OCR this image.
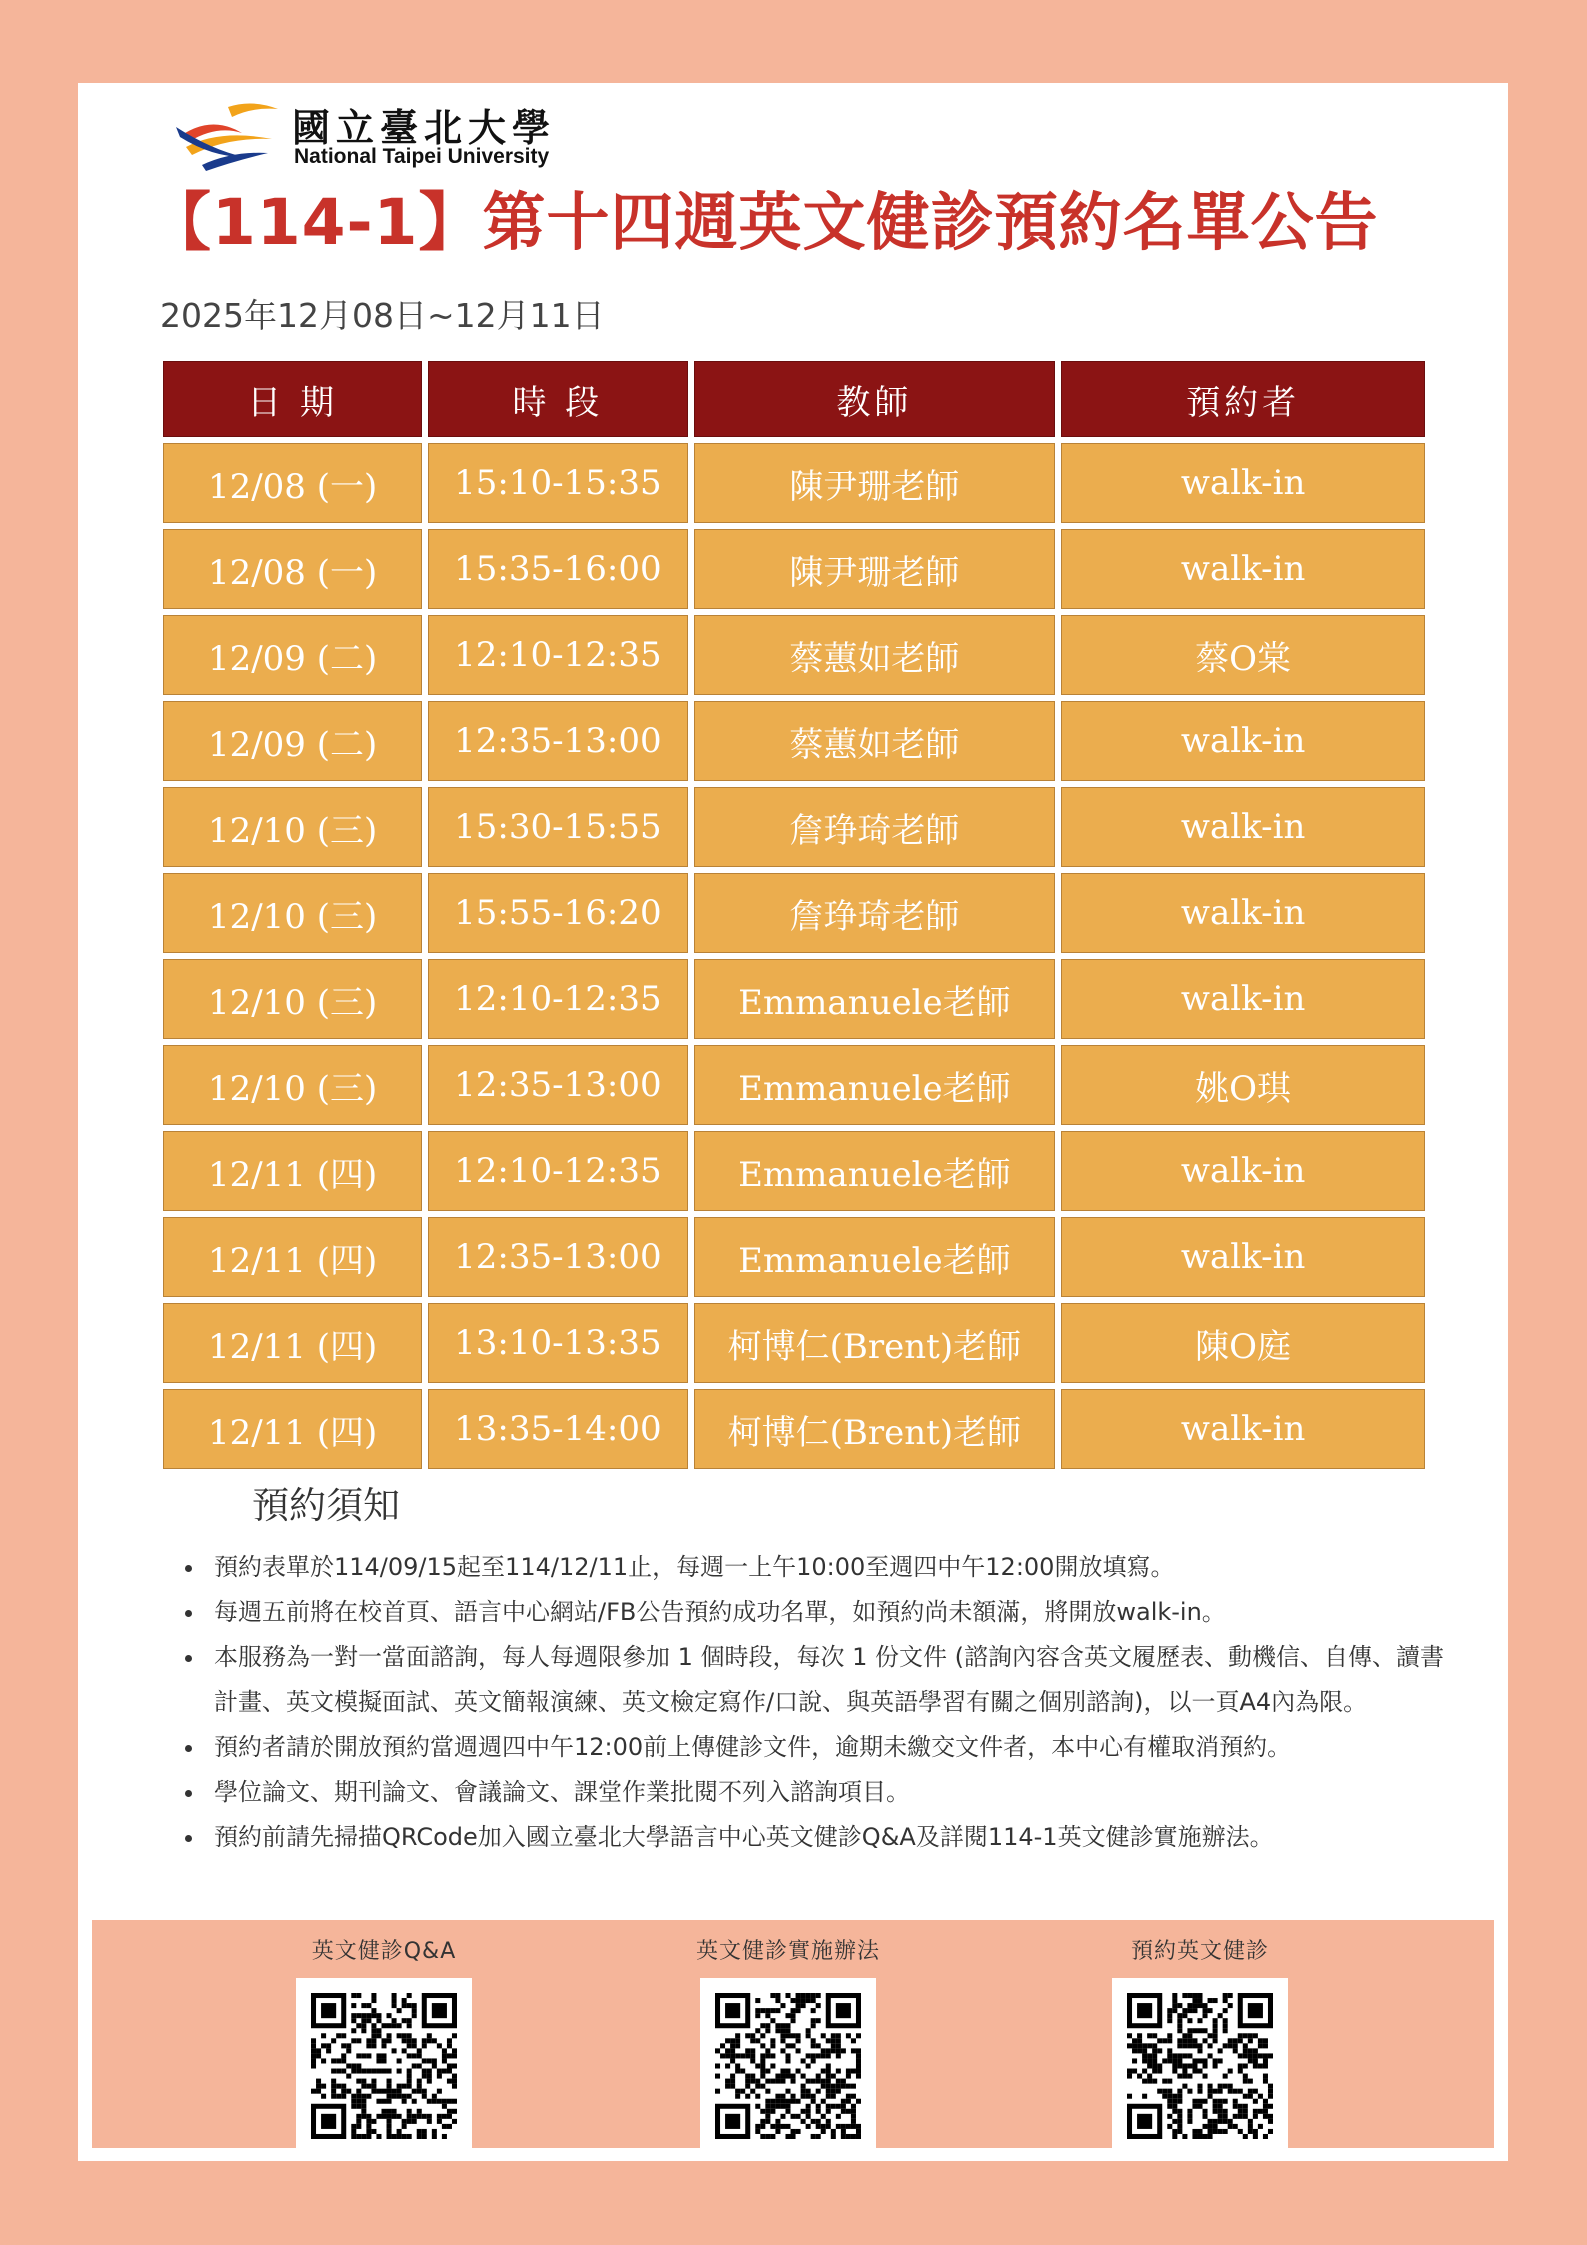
國立臺北大學
National Taipei University
【114-1】第十四週英文健診預約名單公告
2025年12月08日~12月11日
日 期	時 段	教師	預約者
12/08 (一)	15:10-15:35	陳尹珊老師	walk-in
12/08 (一)	15:35-16:00	陳尹珊老師	walk-in
12/09 (二)	12:10-12:35	蔡蕙如老師	蔡O棠
12/09 (二)	12:35-13:00	蔡蕙如老師	walk-in
12/10 (三)	15:30-15:55	詹琤琦老師	walk-in
12/10 (三)	15:55-16:20	詹琤琦老師	walk-in
12/10 (三)	12:10-12:35	Emmanuele老師	walk-in
12/10 (三)	12:35-13:00	Emmanuele老師	姚O琪
12/11 (四)	12:10-12:35	Emmanuele老師	walk-in
12/11 (四)	12:35-13:00	Emmanuele老師	walk-in
12/11 (四)	13:10-13:35	柯博仁(Brent)老師	陳O庭
12/11 (四)	13:35-14:00	柯博仁(Brent)老師	walk-in
預約須知
• 預約表單於114/09/15起至114/12/11止，每週一上午10:00至週四中午12:00開放填寫。
• 每週五前將在校首頁、語言中心網站/FB公告預約成功名單，如預約尚未額滿，將開放walk-in。
• 本服務為一對一當面諮詢，每人每週限參加 1 個時段，每次 1 份文件 (諮詢內容含英文履歷表、動機信、自傳、讀書計畫、英文模擬面試、英文簡報演練、英文檢定寫作/口說、與英語學習有關之個別諮詢)，以一頁A4內為限。
• 預約者請於開放預約當週週四中午12:00前上傳健診文件，逾期未繳交文件者，本中心有權取消預約。
• 學位論文、期刊論文、會議論文、課堂作業批閱不列入諮詢項目。
• 預約前請先掃描QRCode加入國立臺北大學語言中心英文健診Q&A及詳閱114-1英文健診實施辦法。
英文健診Q&A	英文健診實施辦法	預約英文健診
